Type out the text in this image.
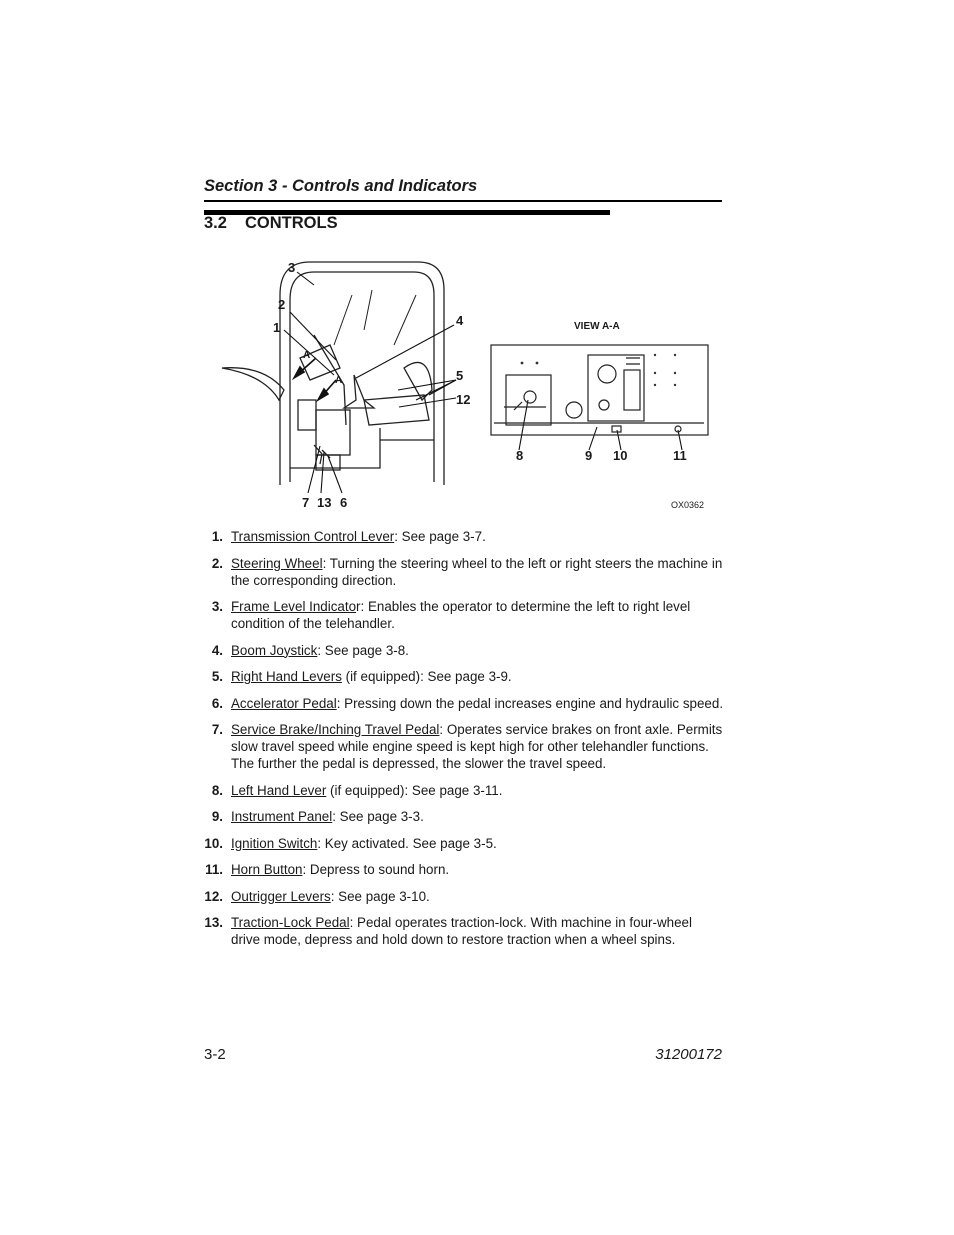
Section 3 - Controls and Indicators
3.2 CONTROLS
3
2
1	4
5
12
7 13 6
8	9 10	11
A
A
VIEW A-A
OX0362
1. Transmission Control Lever: See page 3-7.
2. Steering Wheel: Turning the steering wheel to the left or right steers the machine in the corresponding direction.
3. Frame Level Indicator: Enables the operator to determine the left to right level condition of the telehandler.
4. Boom Joystick: See page 3-8.
5. Right Hand Levers (if equipped): See page 3-9.
6. Accelerator Pedal: Pressing down the pedal increases engine and hydraulic speed.
7. Service Brake/Inching Travel Pedal: Operates service brakes on front axle. Permits slow travel speed while engine speed is kept high for other telehandler functions. The further the pedal is depressed, the slower the travel speed.
8. Left Hand Lever (if equipped): See page 3-11.
9. Instrument Panel: See page 3-3.
10. Ignition Switch: Key activated. See page 3-5.
11. Horn Button: Depress to sound horn.
12. Outrigger Levers: See page 3-10.
13. Traction-Lock Pedal: Pedal operates traction-lock. With machine in four-wheel drive mode, depress and hold down to restore traction when a wheel spins.
3-2	31200172
